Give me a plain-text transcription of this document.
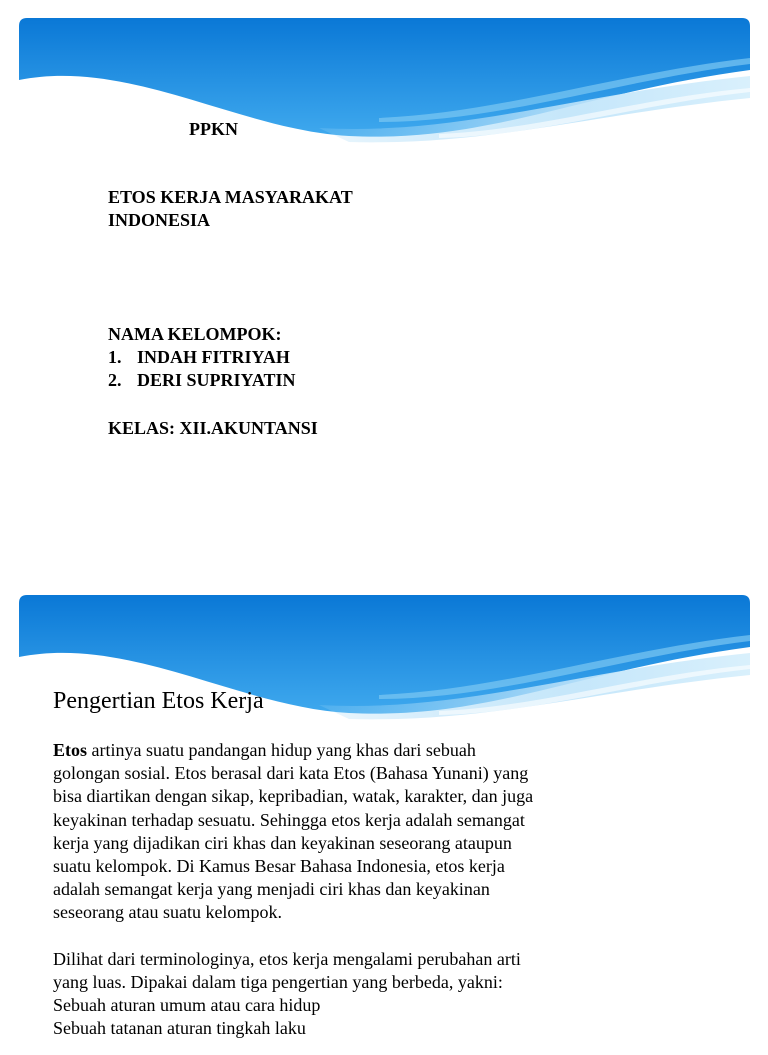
PPKN
ETOS KERJA MASYARAKAT
INDONESIA
NAMA KELOMPOK:
1. INDAH FITRIYAH
2. DERI SUPRIYATIN
KELAS: XII.AKUNTANSI
Pengertian Etos Kerja
Etos artinya suatu pandangan hidup yang khas dari sebuah
golongan sosial. Etos berasal dari kata Etos (Bahasa Yunani) yang
bisa diartikan dengan sikap, kepribadian, watak, karakter, dan juga
keyakinan terhadap sesuatu. Sehingga etos kerja adalah semangat
kerja yang dijadikan ciri khas dan keyakinan seseorang ataupun
suatu kelompok. Di Kamus Besar Bahasa Indonesia, etos kerja
adalah semangat kerja yang menjadi ciri khas dan keyakinan
seseorang atau suatu kelompok.
Dilihat dari terminologinya, etos kerja mengalami perubahan arti
yang luas. Dipakai dalam tiga pengertian yang berbeda, yakni:
Sebuah aturan umum atau cara hidup
Sebuah tatanan aturan tingkah laku
